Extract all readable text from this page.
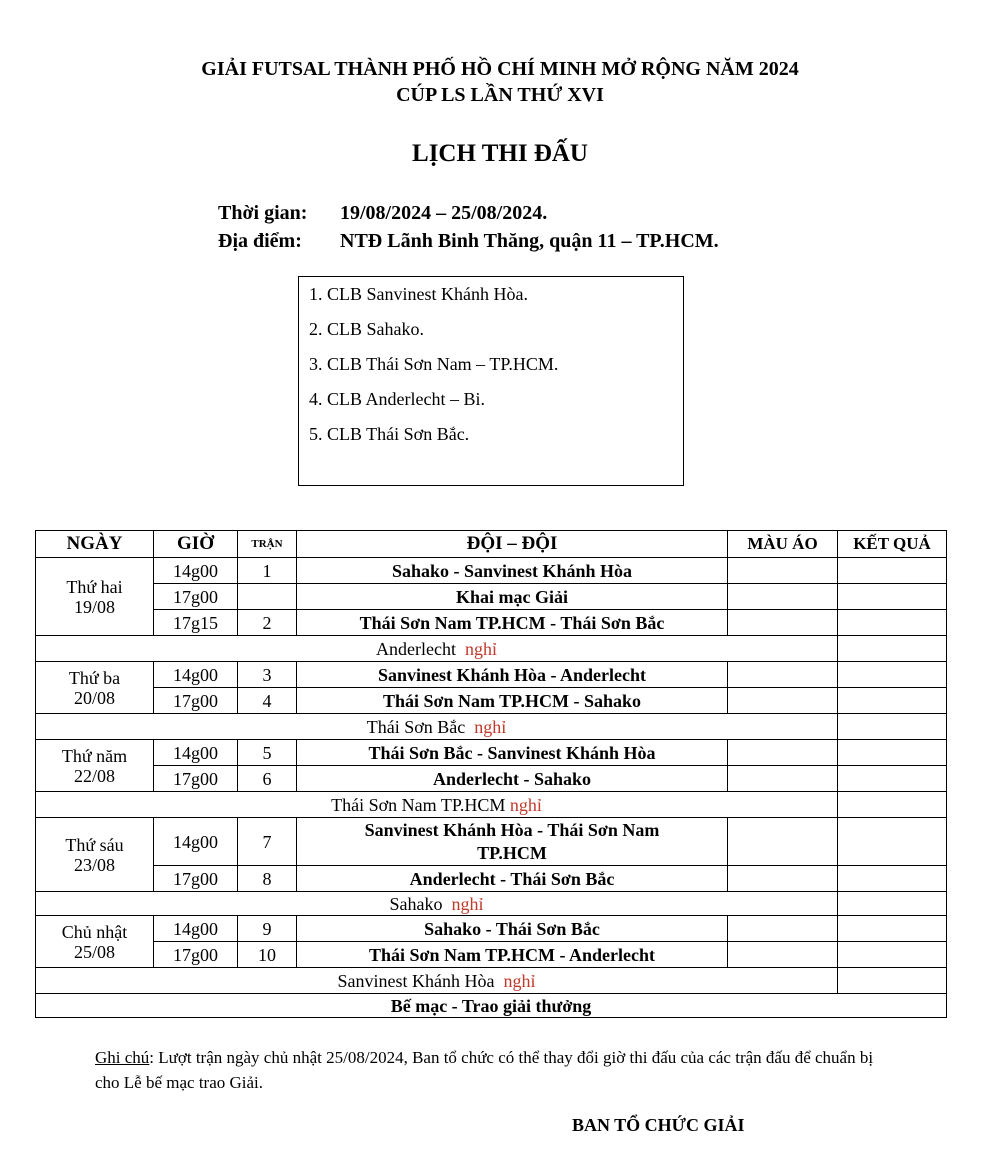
GIẢI FUTSAL THÀNH PHỐ HỒ CHÍ MINH MỞ RỘNG NĂM 2024
CÚP LS LẦN THỨ XVI
LỊCH THI ĐẤU
Thời gian: 19/08/2024 – 25/08/2024.
Địa điểm: NTĐ Lãnh Binh Thăng, quận 11 – TP.HCM.
1. CLB Sanvinest Khánh Hòa.
2. CLB Sahako.
3. CLB Thái Sơn Nam – TP.HCM.
4. CLB Anderlecht – Bi.
5. CLB Thái Sơn Bắc.
NGÀY	GIỜ	TRẬN	ĐỘI – ĐỘI	MÀU ÁO	KẾT QUẢ
Thứ hai
19/08	14g00	1	Sahako - Sanvinest Khánh Hòa		
	17g00		Khai mạc Giải		
	17g15	2	Thái Sơn Nam TP.HCM - Thái Sơn Bắc		
Anderlecht nghỉ					
Thứ ba
20/08	14g00	3	Sanvinest Khánh Hòa - Anderlecht		
	17g00	4	Thái Sơn Nam TP.HCM - Sahako		
Thái Sơn Bắc nghỉ					
Thứ năm
22/08	14g00	5	Thái Sơn Bắc - Sanvinest Khánh Hòa		
	17g00	6	Anderlecht - Sahako		
Thái Sơn Nam TP.HCM nghỉ					
Thứ sáu
23/08	14g00	7	Sanvinest Khánh Hòa - Thái Sơn Nam TP.HCM		
	17g00	8	Anderlecht - Thái Sơn Bắc		
Sahako nghỉ					
Chủ nhật
25/08	14g00	9	Sahako - Thái Sơn Bắc		
	17g00	10	Thái Sơn Nam TP.HCM - Anderlecht		
Sanvinest Khánh Hòa nghỉ					
Bế mạc - Trao giải thưởng					
Ghi chú: Lượt trận ngày chủ nhật 25/08/2024, Ban tổ chức có thể thay đổi giờ thi đấu của các trận đấu để chuẩn bị cho Lễ bế mạc trao Giải.
BAN TỔ CHỨC GIẢI
